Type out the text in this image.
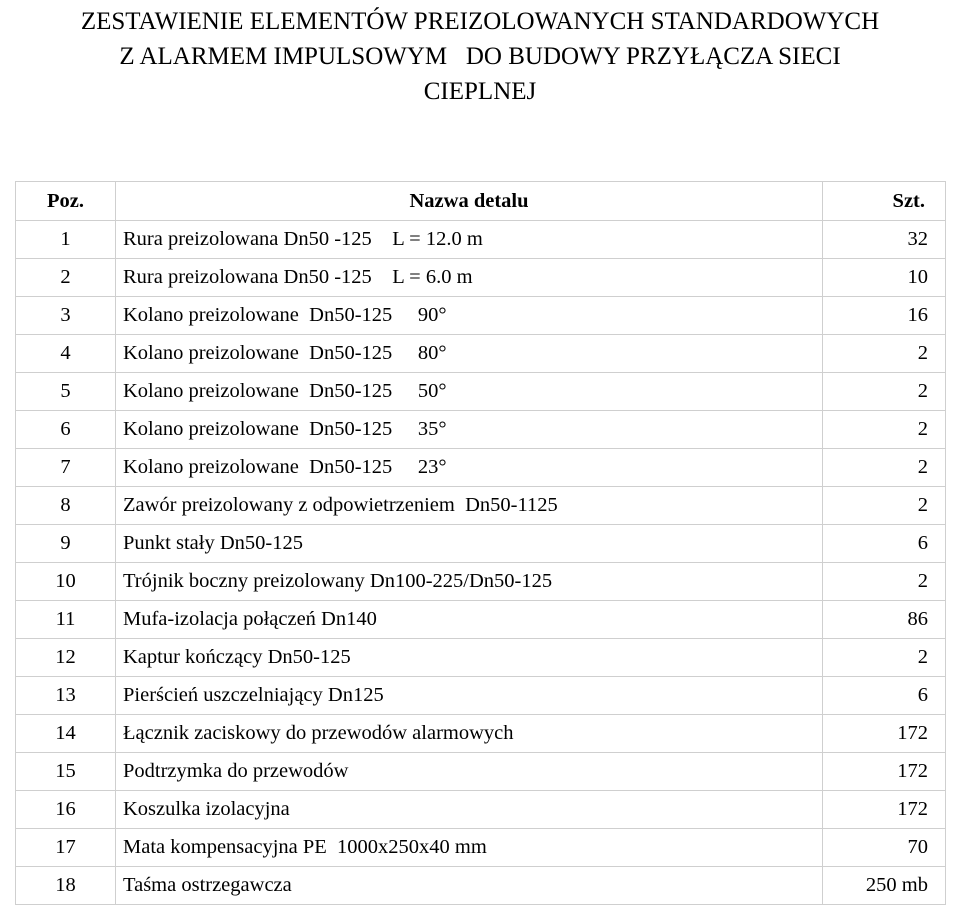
ZESTAWIENIE ELEMENTÓW PREIZOLOWANYCH STANDARDOWYCH
Z ALARMEM IMPULSOWYM   DO BUDOWY PRZYŁĄCZA SIECI
CIEPLNEJ
Poz.	Nazwa detalu	Szt.
1	Rura preizolowana Dn50 -125    L = 12.0 m	32
2	Rura preizolowana Dn50 -125    L = 6.0 m	10
3	Kolano preizolowane  Dn50-125     90°	16
4	Kolano preizolowane  Dn50-125     80°	2
5	Kolano preizolowane  Dn50-125     50°	2
6	Kolano preizolowane  Dn50-125     35°	2
7	Kolano preizolowane  Dn50-125     23°	2
8	Zawór preizolowany z odpowietrzeniem  Dn50-1125	2
9	Punkt stały Dn50-125	6
10	Trójnik boczny preizolowany Dn100-225/Dn50-125	2
11	Mufa-izolacja połączeń Dn140	86
12	Kaptur kończący Dn50-125	2
13	Pierścień uszczelniający Dn125	6
14	Łącznik zaciskowy do przewodów alarmowych	172
15	Podtrzymka do przewodów	172
16	Koszulka izolacyjna	172
17	Mata kompensacyjna PE  1000x250x40 mm	70
18	Taśma ostrzegawcza	250 mb
